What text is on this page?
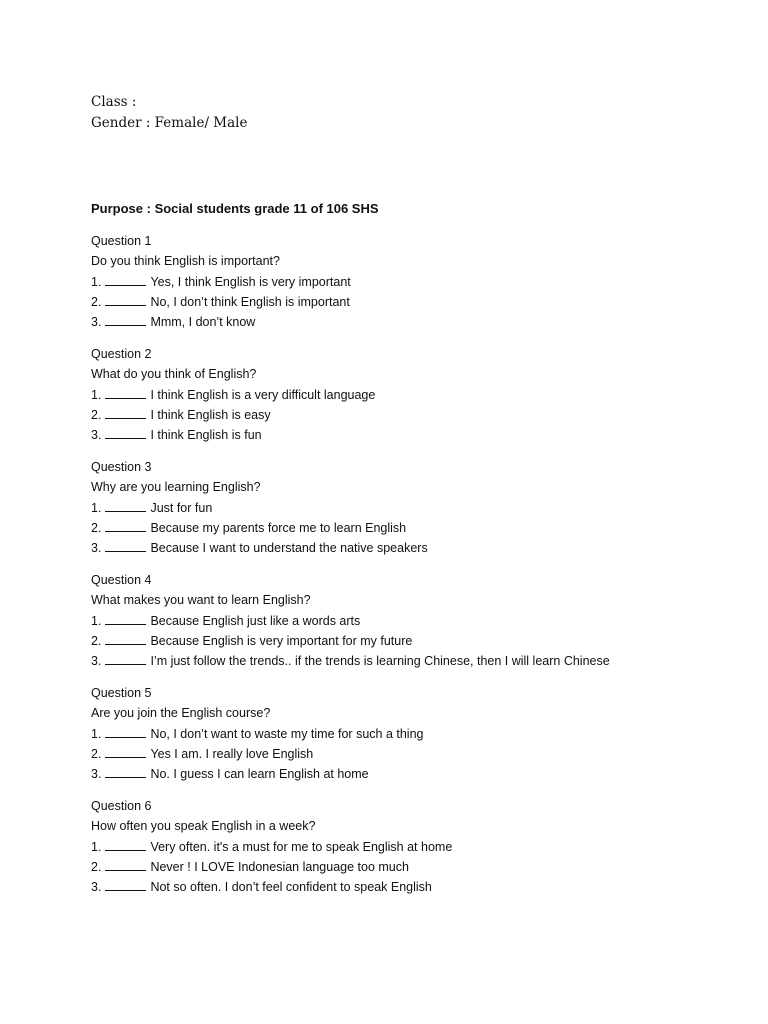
Class :
Gender : Female/ Male
Purpose : Social students grade 11 of 106 SHS
Question 1
Do you think English is important?
1.	Yes, I think English is very important
2.	No, I don’t think English is important
3.	Mmm, I don’t know
Question 2
What do you think of English?
1.	I think English is a very difficult language
2.	I think English is easy
3.	I think English is fun
Question 3
Why are you learning English?
1.	Just for fun
2.	Because my parents force me to learn English
3.	Because I want to understand the native speakers
Question 4
What makes you want to learn English?
1.	Because English just like a words arts
2.	Because English is very important for my future
3.	I’m just follow the trends.. if the trends is learning Chinese, then I will learn Chinese
Question 5
Are you join the English course?
1.	No, I don’t want to waste my time for such a thing
2.	Yes I am. I really love English
3.	No. I guess I can learn English at home
Question 6
How often you speak English in a week?
1.	Very often. it's a must for me to speak English at home
2.	Never ! I LOVE Indonesian language too much
3.	Not so often. I don’t feel confident to speak English
